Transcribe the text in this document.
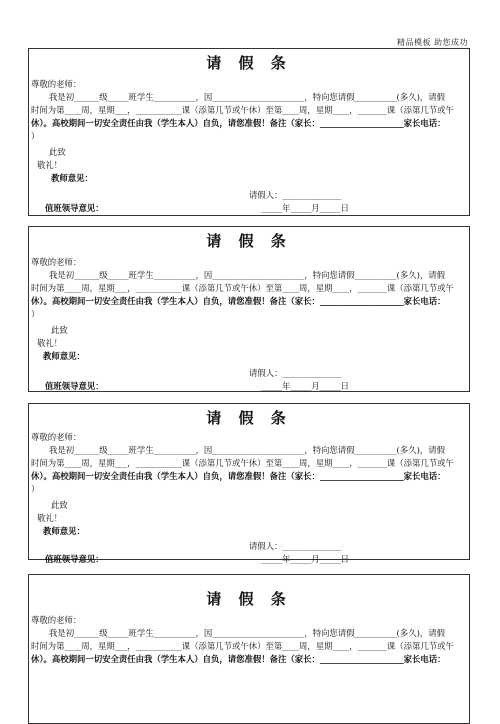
精品模板 助您成功
请 假 条
尊敬的老师：
我是初______级_____班学生__________，因______________________，特向您请假__________(多久)，请假
时间为第____周，星期___，___________课（添第几节或午休）至第____周，星期____，_______课（添第几节或午
休）。高校期间一切安全责任由我（学生本人）自负，请您准假！备注（家长：____________________家长电话：
）
此致
敬礼！
教师意见：
请假人：______________
值班领导意见：	_____年_____月_____日
请 假 条
尊敬的老师：
我是初______级_____班学生__________，因______________________，特向您请假__________(多久)，请假
时间为第____周，星期___，___________课（添第几节或午休）至第____周，星期____，_______课（添第几节或午
休）。高校期间一切安全责任由我（学生本人）自负，请您准假！备注（家长：____________________家长电话：
）
此致
敬礼！
教师意见：
请假人：______________
值班领导意见：	_____年_____月_____日
请 假 条
尊敬的老师：
我是初______级_____班学生__________，因______________________，特向您请假__________(多久)，请假
时间为第____周，星期___，___________课（添第几节或午休）至第____周，星期____，_______课（添第几节或午
休）。高校期间一切安全责任由我（学生本人）自负，请您准假！备注（家长：____________________家长电话：
）
此致
敬礼！
教师意见：
请假人：______________
值班领导意见：	_____年_____月_____日
请 假 条
尊敬的老师：
我是初______级_____班学生__________，因______________________，特向您请假__________(多久)，请假
时间为第____周，星期___，___________课（添第几节或午休）至第____周，星期____，_______课（添第几节或午
休）。高校期间一切安全责任由我（学生本人）自负，请您准假！备注（家长：____________________家长电话：
